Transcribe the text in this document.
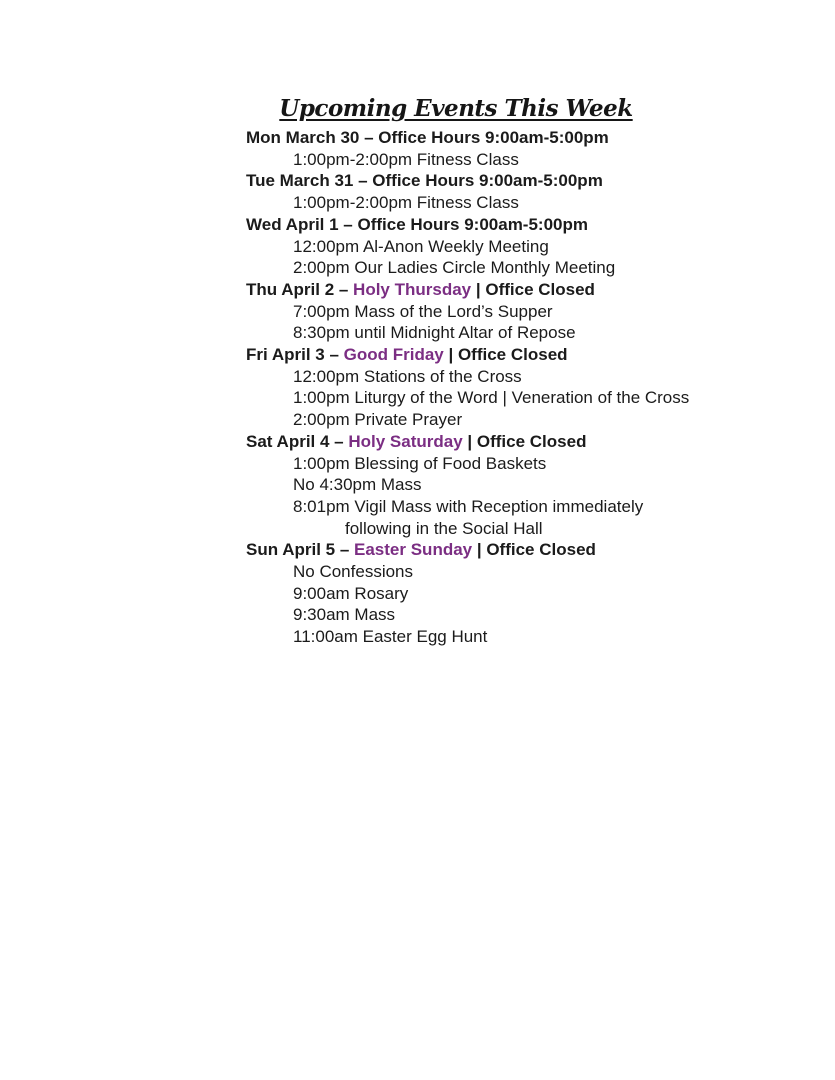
Upcoming Events This Week
Mon March 30 – Office Hours 9:00am-5:00pm
1:00pm-2:00pm Fitness Class
Tue March 31 – Office Hours 9:00am-5:00pm
1:00pm-2:00pm Fitness Class
Wed April 1 – Office Hours 9:00am-5:00pm
12:00pm Al-Anon Weekly Meeting
2:00pm Our Ladies Circle Monthly Meeting
Thu April 2 – Holy Thursday | Office Closed
7:00pm Mass of the Lord’s Supper
8:30pm until Midnight Altar of Repose
Fri April 3 – Good Friday | Office Closed
12:00pm Stations of the Cross
1:00pm Liturgy of the Word | Veneration of the Cross
2:00pm Private Prayer
Sat April 4 – Holy Saturday | Office Closed
1:00pm Blessing of Food Baskets
No 4:30pm Mass
8:01pm Vigil Mass with Reception immediately
following in the Social Hall
Sun April 5 – Easter Sunday | Office Closed
No Confessions
9:00am Rosary
9:30am Mass
11:00am Easter Egg Hunt
